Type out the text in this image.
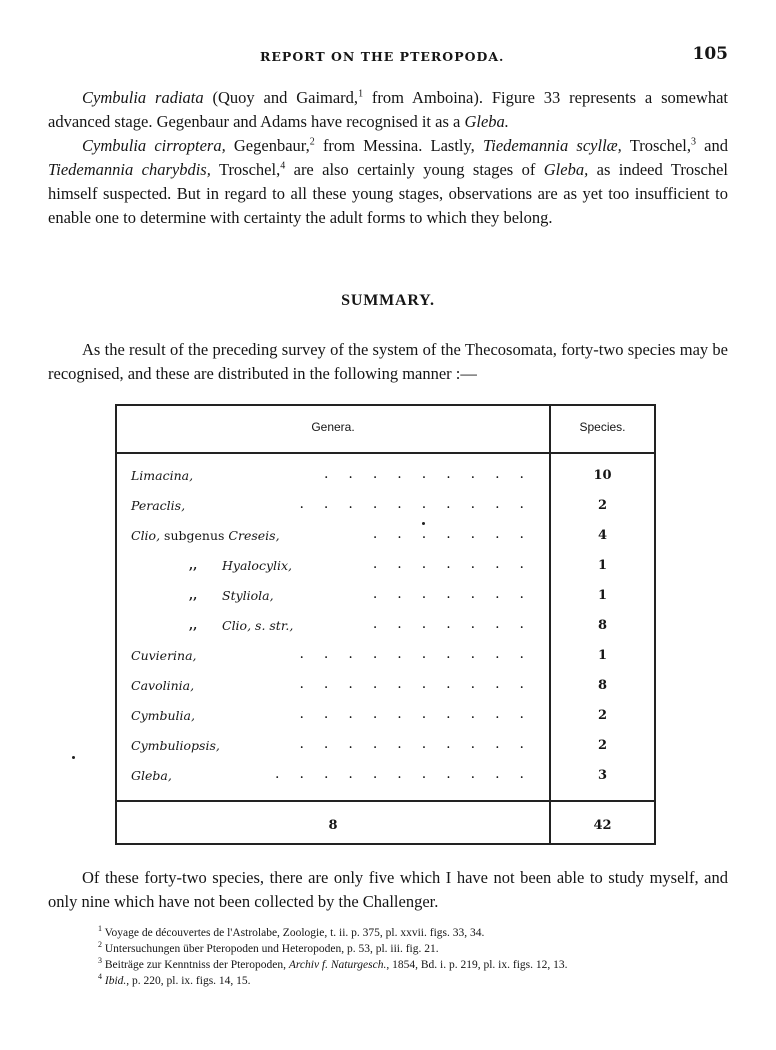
REPORT ON THE PTEROPODA.	105

Cymbulia radiata (Quoy and Gaimard,$^1$ from Amboina). Figure 33 represents a somewhat advanced stage. Gegenbaur and Adams have recognised it as a Gleba.
Cymbulia cirroptera, Gegenbaur,$^2$ from Messina. Lastly, Tiedemannia scyllæ, Troschel,$^3$ and Tiedemannia charybdis, Troschel,$^4$ are also certainly young stages of Gleba, as indeed Troschel himself suspected. But in regard to all these young stages, observations are as yet too insufficient to enable one to determine with certainty the adult forms to which they belong.

SUMMARY.

As the result of the preceding survey of the system of the Thecosomata, forty-two species may be recognised, and these are distributed in the following manner :—

Genera.	Species.
Limacina,	.........	10
Peraclis,	..........	2
Clio, subgenus Creseis,	.......	4
,, Hyalocylix,	.......	1
,, Styliola,	.......	1
,, Clio, s. str.,	.......	8
Cuvierina,	..........	1
Cavolinia,	..........	8
Cymbulia,	..........	2
Cymbuliopsis,	..........	2
Gleba,	...........	3
8	42

Of these forty-two species, there are only five which I have not been able to study myself, and only nine which have not been collected by the Challenger.

$^1$ Voyage de découvertes de l'Astrolabe, Zoologie, t. ii. p. 375, pl. xxvii. figs. 33, 34.
$^2$ Untersuchungen über Pteropoden und Heteropoden, p. 53, pl. iii. fig. 21.
$^3$ Beiträge zur Kenntniss der Pteropoden, Archiv f. Naturgesch., 1854, Bd. i. p. 219, pl. ix. figs. 12, 13.
$^4$ Ibid., p. 220, pl. ix. figs. 14, 15.
